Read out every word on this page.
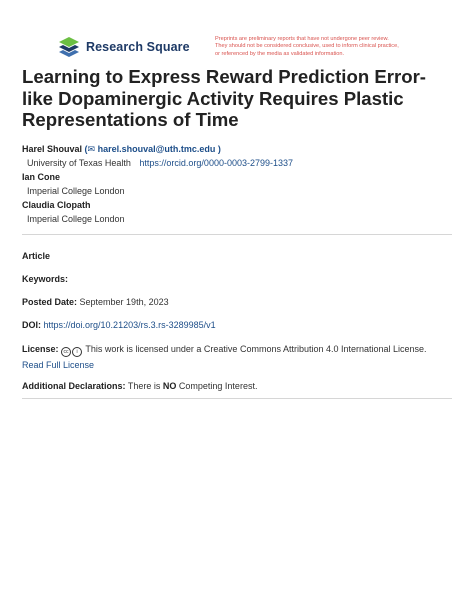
Research Square
Preprints are preliminary reports that have not undergone peer review.
They should not be considered conclusive, used to inform clinical practice,
or referenced by the media as validated information.
Learning to Express Reward Prediction Error-like Dopaminergic Activity Requires Plastic Representations of Time
Harel Shouval (✉ harel.shouval@uth.tmc.edu )
University of Texas Health https://orcid.org/0000-0003-2799-1337
Ian Cone
Imperial College London
Claudia Clopath
Imperial College London
Article
Keywords:
Posted Date: September 19th, 2023
DOI: https://doi.org/10.21203/rs.3.rs-3289985/v1
License: cc i This work is licensed under a Creative Commons Attribution 4.0 International License.
Read Full License
Additional Declarations: There is NO Competing Interest.
